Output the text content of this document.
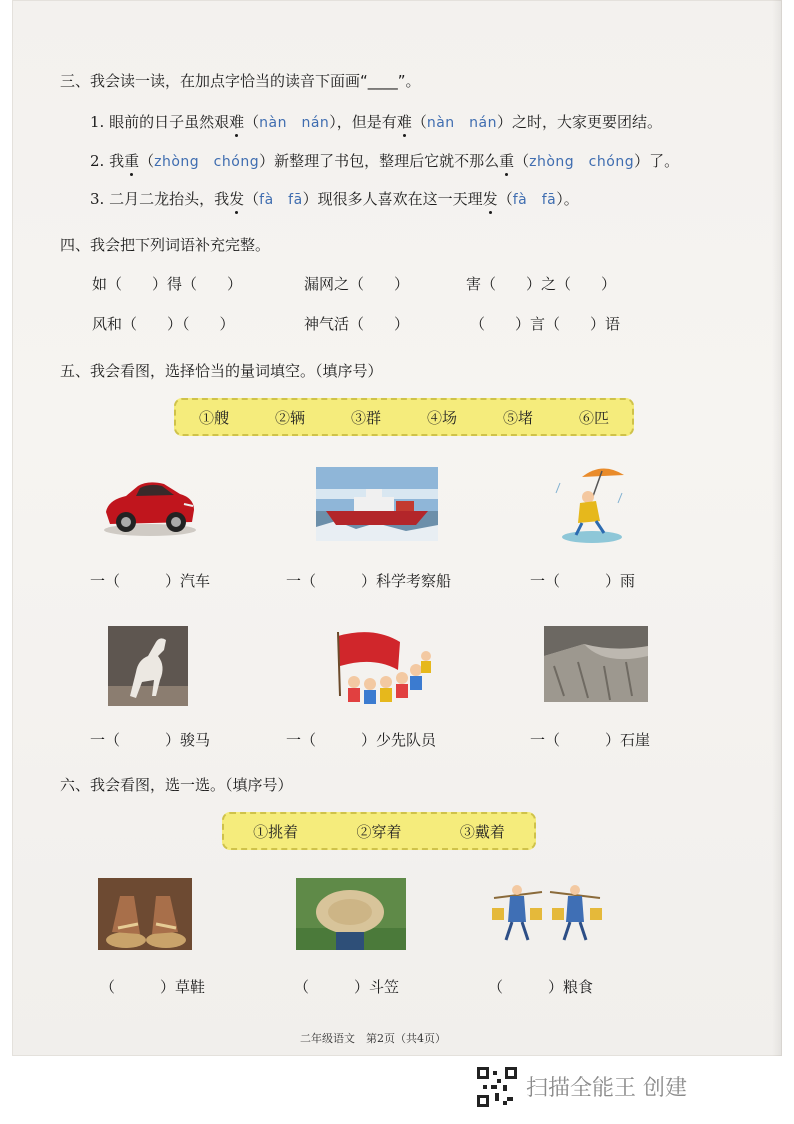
三、我会读一读，在加点字恰当的读音下面画“____”。
1. 眼前的日子虽然艰难（nàn　nán），但是有难（nàn　nán）之时，大家更要团结。
2. 我重（zhòng　chóng）新整理了书包，整理后它就不那么重（zhòng　chóng）了。
3. 二月二龙抬头，我发（fà　fā）现很多人喜欢在这一天理发（fà　fā）。
四、我会把下列词语补充完整。
如（　　）得（　　）	漏网之（　　）	害（　　）之（　　）
风和（　　）（　　）	神气活（　　）	（　　）言（　　）语
五、我会看图，选择恰当的量词填空。（填序号）
①艘	②辆	③群	④场	⑤堵	⑥匹
一（　　　）汽车	一（　　　）科学考察船	一（　　　）雨
一（　　　）骏马	一（　　　）少先队员	一（　　　）石崖
六、我会看图，选一选。（填序号）
①挑着	②穿着	③戴着
（　　　）草鞋	（　　　）斗笠	（　　　）粮食
二年级语文　第2页（共4页）
扫描全能王 创建
